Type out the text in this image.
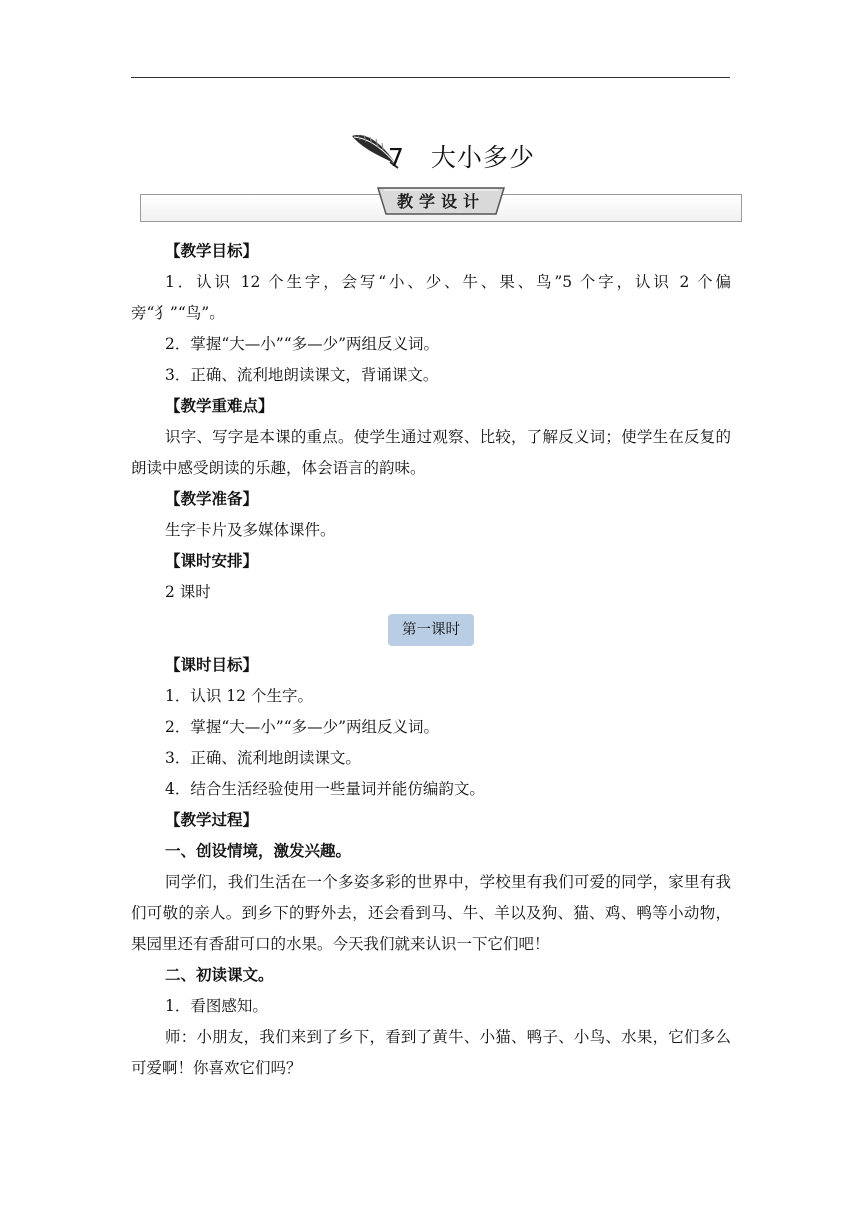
7　大小多少
教学设计

【教学目标】

1．认识 12 个生字，会写“小、少、牛、果、鸟”5 个字，认识 2 个偏旁“犭”“鸟”。

2．掌握“大—小”“多—少”两组反义词。

3．正确、流利地朗读课文，背诵课文。

【教学重难点】

识字、写字是本课的重点。使学生通过观察、比较，了解反义词；使学生在反复的朗读中感受朗读的乐趣，体会语言的韵味。

【教学准备】

生字卡片及多媒体课件。

【课时安排】

2 课时

第一课时

【课时目标】

1．认识 12 个生字。

2．掌握“大—小”“多—少”两组反义词。

3．正确、流利地朗读课文。

4．结合生活经验使用一些量词并能仿编韵文。

【教学过程】

一、创设情境，激发兴趣。

同学们，我们生活在一个多姿多彩的世界中，学校里有我们可爱的同学，家里有我们可敬的亲人。到乡下的野外去，还会看到马、牛、羊以及狗、猫、鸡、鸭等小动物，果园里还有香甜可口的水果。今天我们就来认识一下它们吧！

二、初读课文。

1．看图感知。

师：小朋友，我们来到了乡下，看到了黄牛、小猫、鸭子、小鸟、水果，它们多么可爱啊！你喜欢它们吗？
